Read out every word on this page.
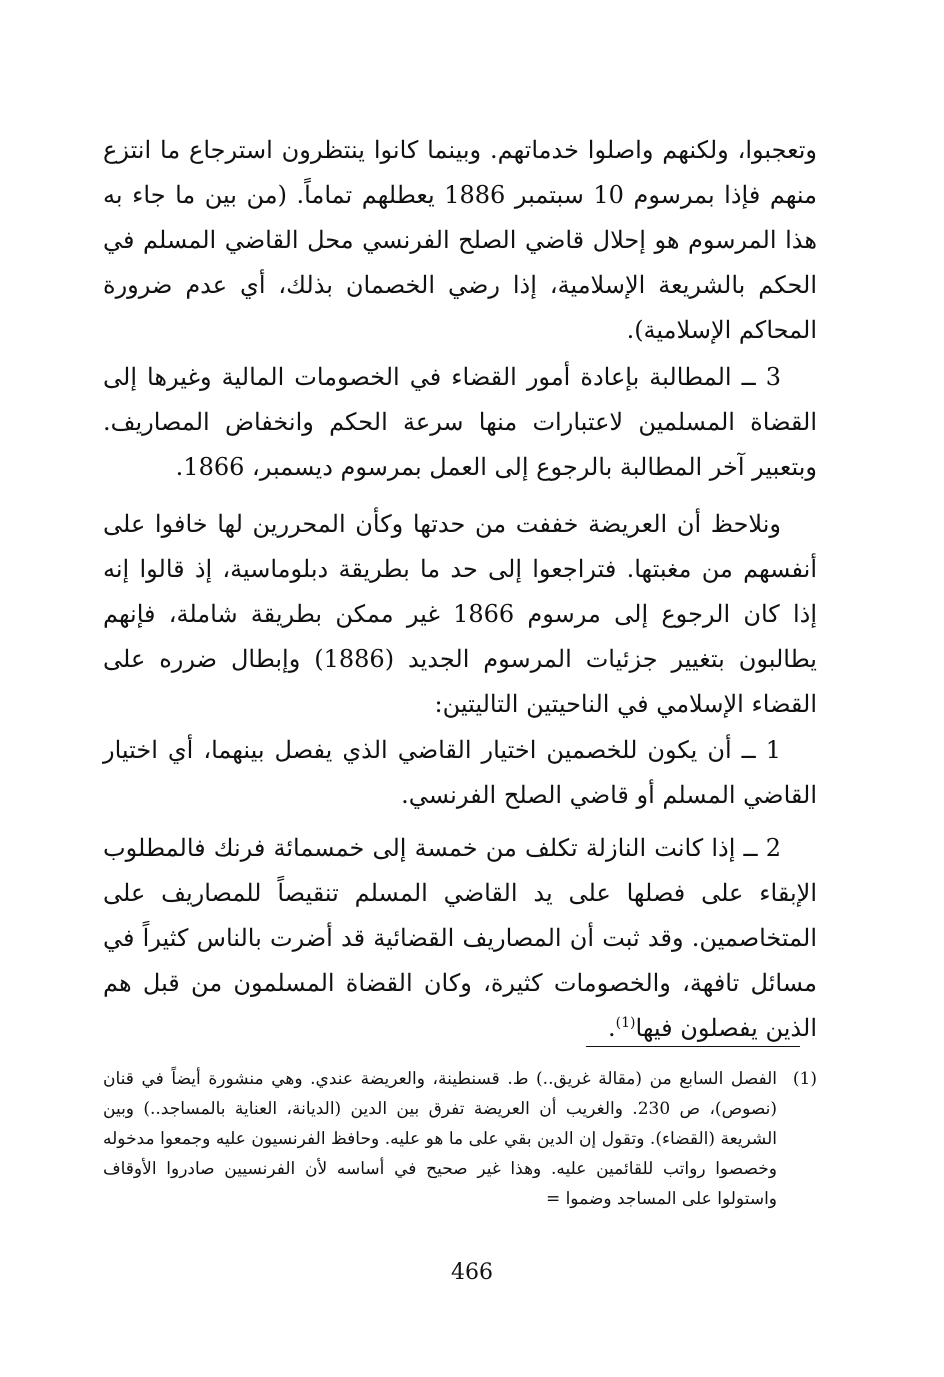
وتعجبوا، ولكنهم واصلوا خدماتهم. وبينما كانوا ينتظرون استرجاع ما انتزع منهم فإذا بمرسوم 10 سبتمبر 1886 يعطلهم تماماً. (من بين ما جاء به هذا المرسوم هو إحلال قاضي الصلح الفرنسي محل القاضي المسلم في الحكم بالشريعة الإسلامية، إذا رضي الخصمان بذلك، أي عدم ضرورة المحاكم الإسلامية).

3 ــ المطالبة بإعادة أمور القضاء في الخصومات المالية وغيرها إلى القضاة المسلمين لاعتبارات منها سرعة الحكم وانخفاض المصاريف. وبتعبير آخر المطالبة بالرجوع إلى العمل بمرسوم ديسمبر، 1866.

ونلاحظ أن العريضة خففت من حدتها وكأن المحررين لها خافوا على أنفسهم من مغبتها. فتراجعوا إلى حد ما بطريقة دبلوماسية، إذ قالوا إنه إذا كان الرجوع إلى مرسوم 1866 غير ممكن بطريقة شاملة، فإنهم يطالبون بتغيير جزئيات المرسوم الجديد (1886) وإبطال ضرره على القضاء الإسلامي في الناحيتين التاليتين:

1 ــ أن يكون للخصمين اختيار القاضي الذي يفصل بينهما، أي اختيار القاضي المسلم أو قاضي الصلح الفرنسي.

2 ــ إذا كانت النازلة تكلف من خمسة إلى خمسمائة فرنك فالمطلوب الإبقاء على فصلها على يد القاضي المسلم تنقيصاً للمصاريف على المتخاصمين. وقد ثبت أن المصاريف القضائية قد أضرت بالناس كثيراً في مسائل تافهة، والخصومات كثيرة، وكان القضاة المسلمون من قبل هم الذين يفصلون فيها$^{(1)}$.

(1)
الفصل السابع من (مقالة غريق..) ط. قسنطينة، والعريضة عندي. وهي منشورة أيضاً في قنان (نصوص)، ص 230. والغريب أن العريضة تفرق بين الدين (الديانة، العناية بالمساجد..) وبين الشريعة (القضاء). وتقول إن الدين بقي على ما هو عليه. وحافظ الفرنسيون عليه وجمعوا مدخوله وخصصوا رواتب للقائمين عليه. وهذا غير صحيح في أساسه لأن الفرنسيين صادروا الأوقاف واستولوا على المساجد وضموا =
466
